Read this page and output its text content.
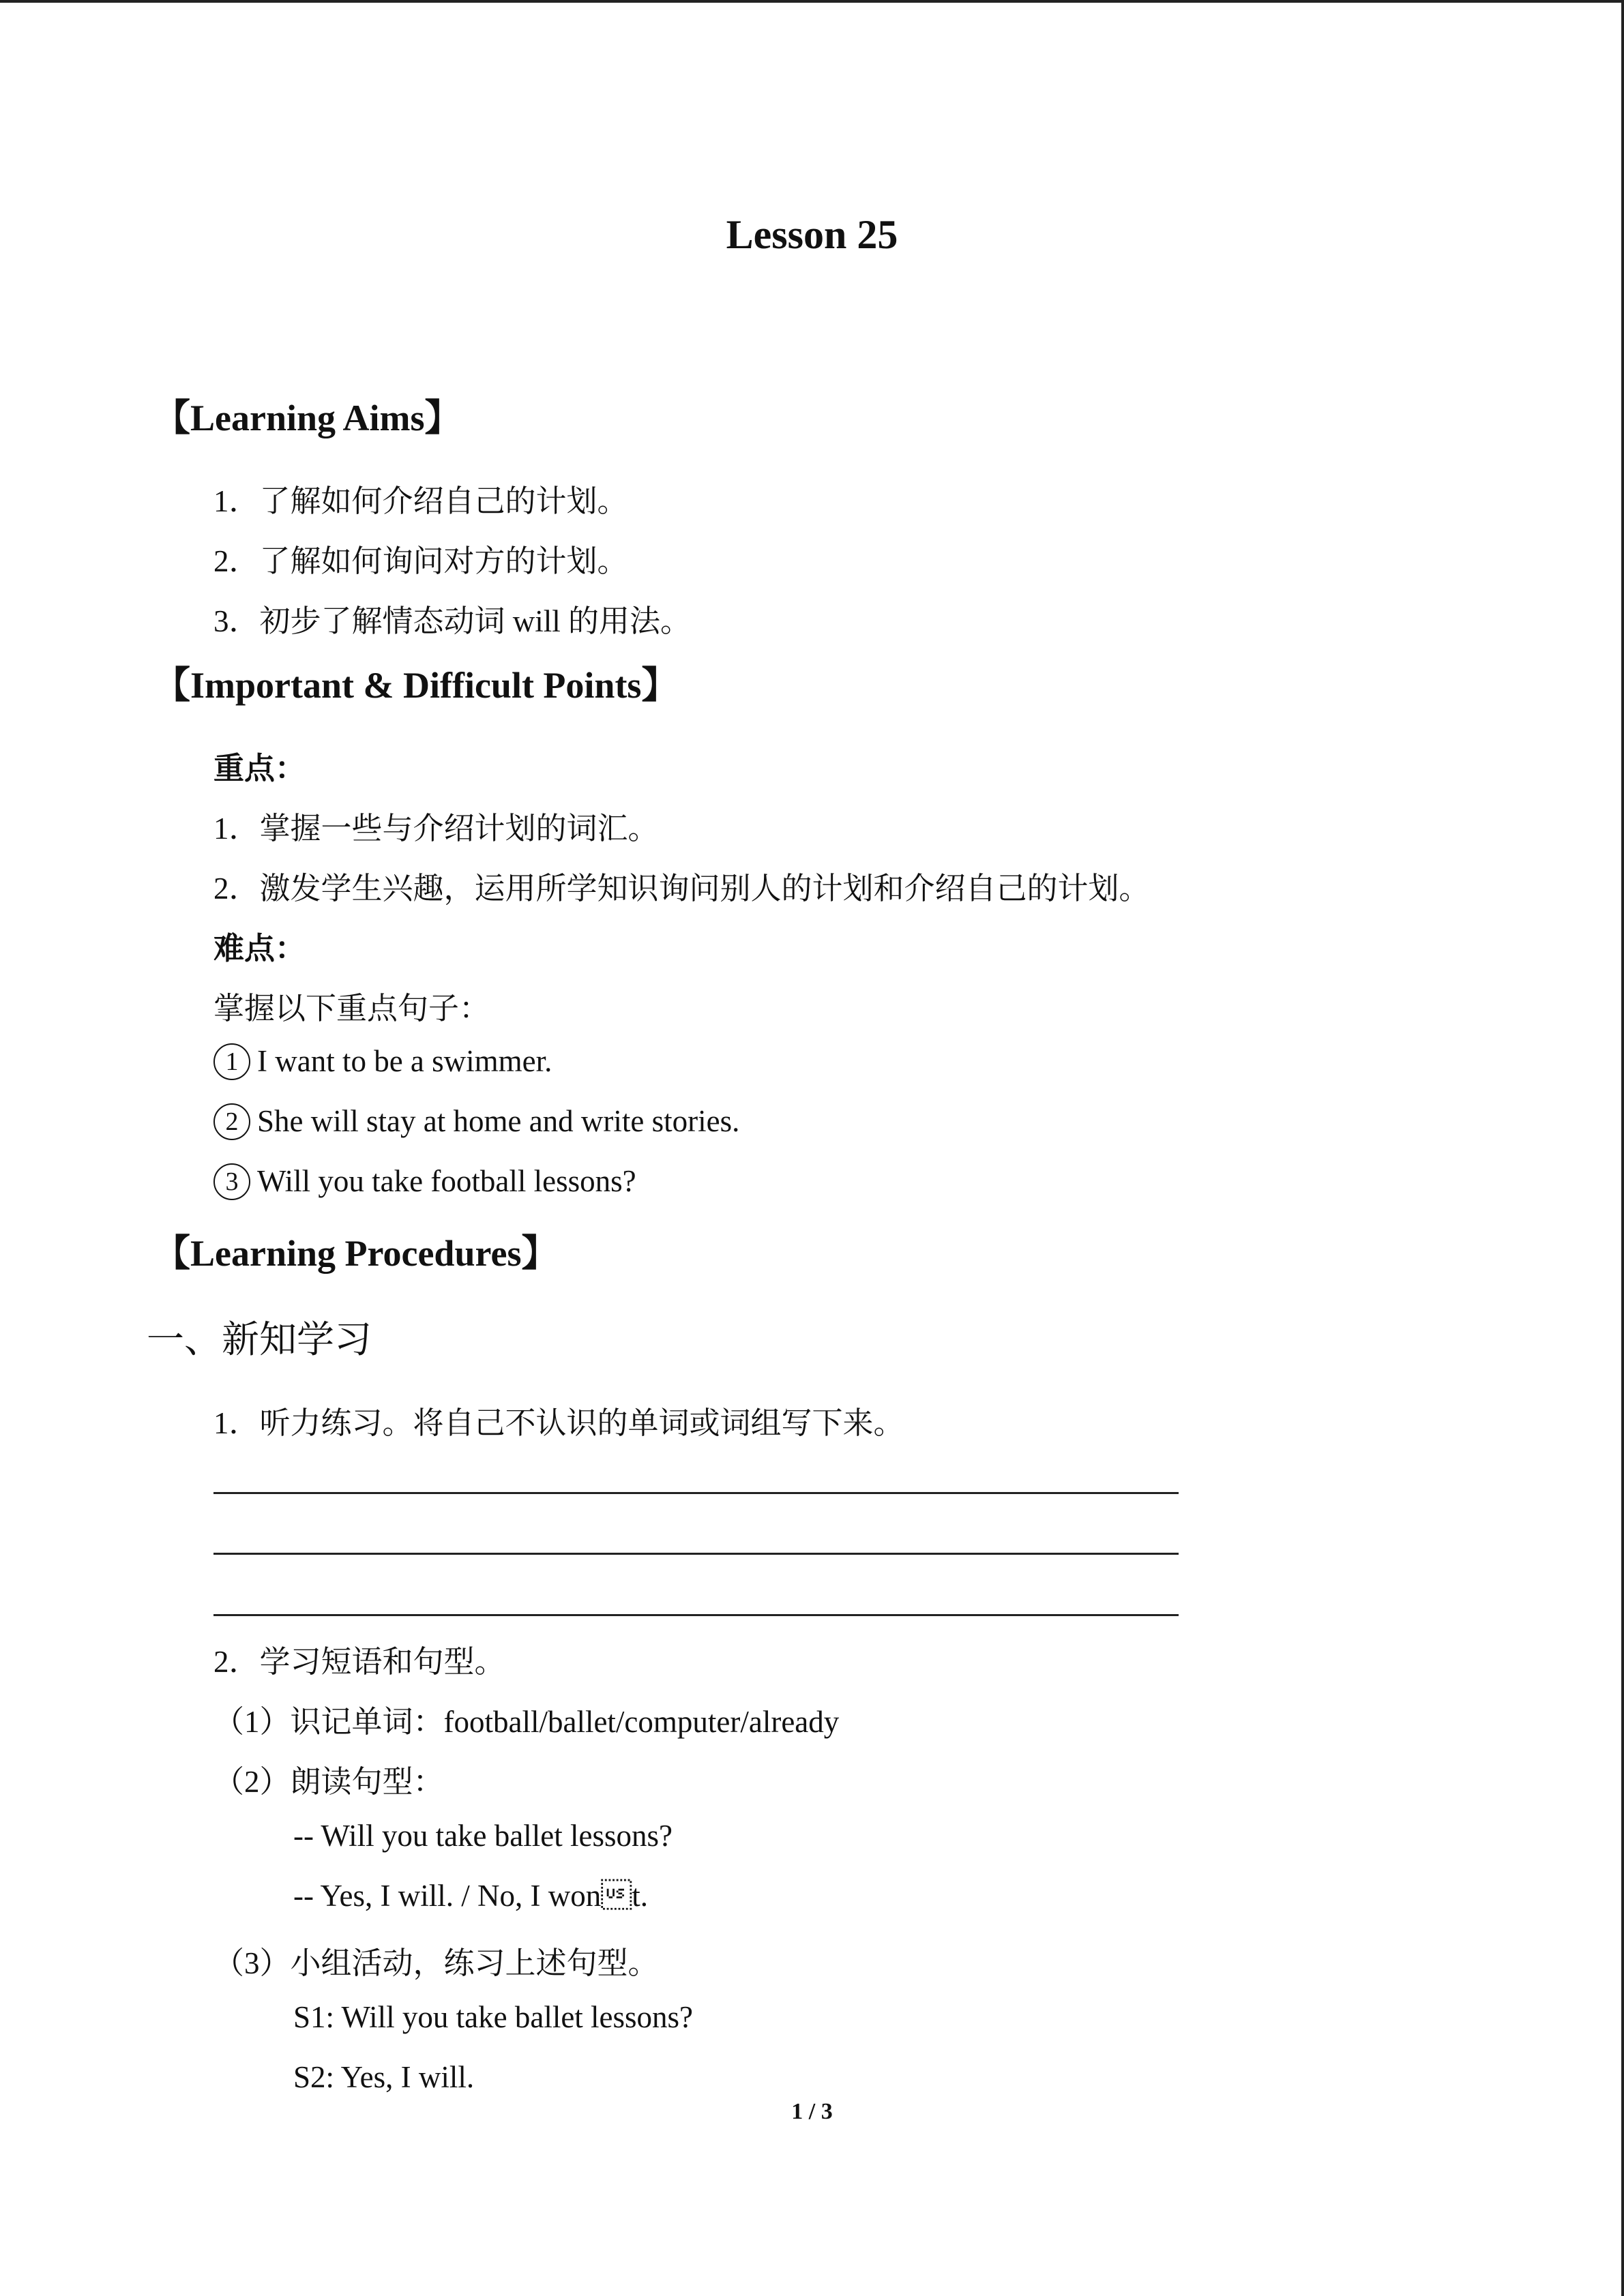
Lesson 25
【Learning Aims】
1．了解如何介绍自己的计划。
2．了解如何询问对方的计划。
3．初步了解情态动词 will 的用法。
【Important & Difficult Points】
重点：
1．掌握一些与介绍计划的词汇。
2．激发学生兴趣，运用所学知识询问别人的计划和介绍自己的计划。
难点：
掌握以下重点句子：
1 I want to be a swimmer.
2 She will stay at home and write stories.
3 Will you take football lessons?
【Learning Procedures】
一、新知学习
1．听力练习。将自己不认识的单词或词组写下来。
2．学习短语和句型。
（1）识记单词：football/ballet/computer/already
（2）朗读句型：
-- Will you take ballet lessons?
-- Yes, I will. / No, I wont.
（3）小组活动，练习上述句型。
S1: Will you take ballet lessons?
S2: Yes, I will.
1 / 3
